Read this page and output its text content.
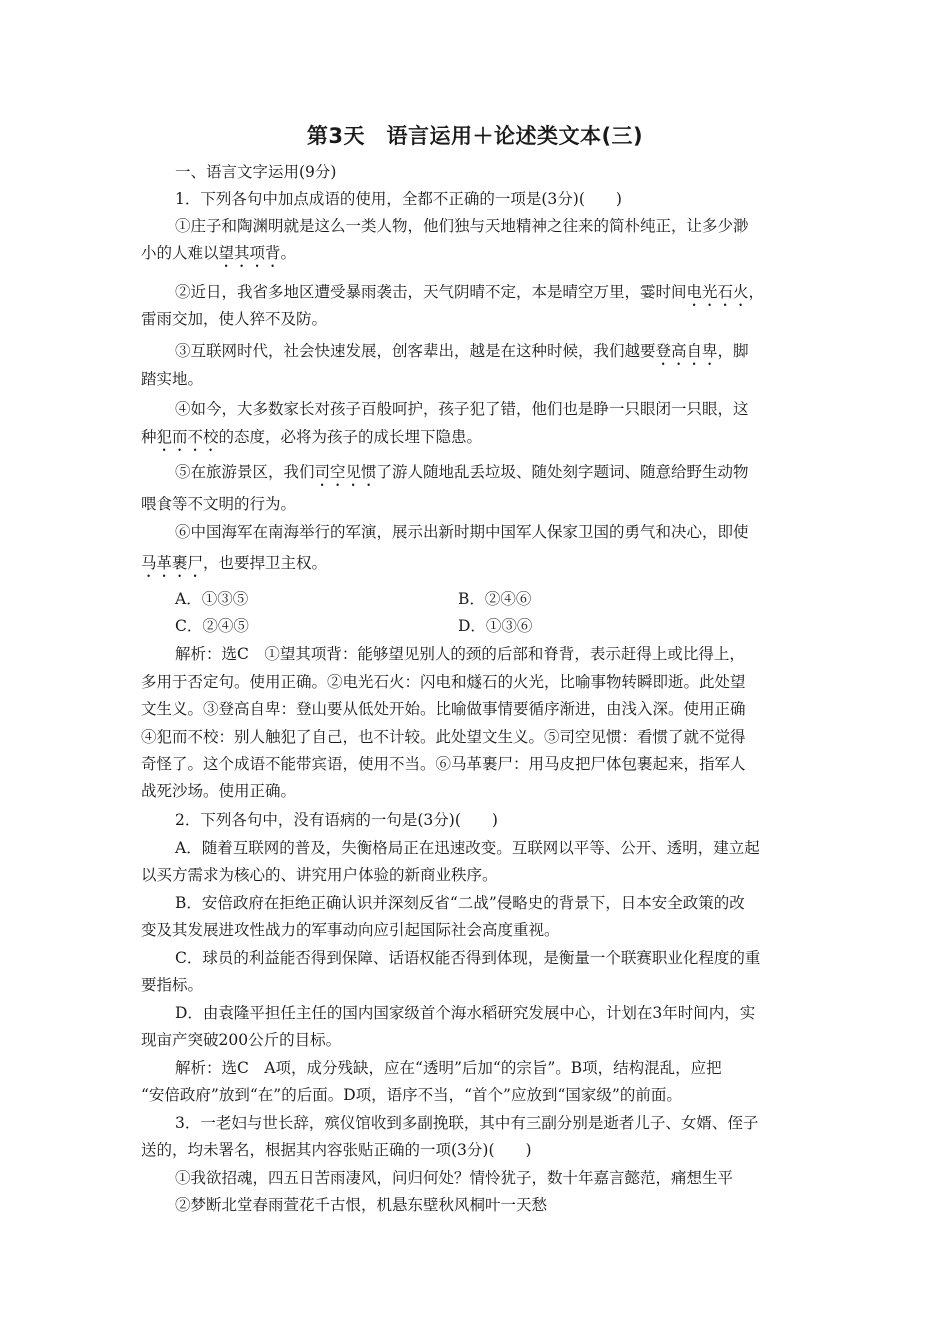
第3天　语言运用＋论述类文本(三)
一、语言文字运用(9分)
1．下列各句中加点成语的使用，全都不正确的一项是(3分)(　　)
①庄子和陶渊明就是这么一类人物，他们独与天地精神之往来的简朴纯正，让多少渺
小的人难以望其项背。
②近日，我省多地区遭受暴雨袭击，天气阴晴不定，本是晴空万里，霎时间电光石火，
雷雨交加，使人猝不及防。
③互联网时代，社会快速发展，创客辈出，越是在这种时候，我们越要登高自卑，脚
踏实地。
④如今，大多数家长对孩子百般呵护，孩子犯了错，他们也是睁一只眼闭一只眼，这
种犯而不校的态度，必将为孩子的成长埋下隐患。
⑤在旅游景区，我们司空见惯了游人随地乱丢垃圾、随处刻字题词、随意给野生动物
喂食等不文明的行为。
⑥中国海军在南海举行的军演，展示出新时期中国军人保家卫国的勇气和决心，即使
马革裹尸，也要捍卫主权。
A．①③⑤	B．②④⑥
C．②④⑤	D．①③⑥
解析：选C　①望其项背：能够望见别人的颈的后部和脊背，表示赶得上或比得上，
多用于否定句。使用正确。②电光石火：闪电和燧石的火光，比喻事物转瞬即逝。此处望
文生义。③登高自卑：登山要从低处开始。比喻做事情要循序渐进，由浅入深。使用正确
④犯而不校：别人触犯了自己，也不计较。此处望文生义。⑤司空见惯：看惯了就不觉得
奇怪了。这个成语不能带宾语，使用不当。⑥马革裹尸：用马皮把尸体包裹起来，指军人
战死沙场。使用正确。
2．下列各句中，没有语病的一句是(3分)(　　)
A．随着互联网的普及，失衡格局正在迅速改变。互联网以平等、公开、透明，建立起
以买方需求为核心的、讲究用户体验的新商业秩序。
B．安倍政府在拒绝正确认识并深刻反省“二战”侵略史的背景下，日本安全政策的改
变及其发展进攻性战力的军事动向应引起国际社会高度重视。
C．球员的利益能否得到保障、话语权能否得到体现，是衡量一个联赛职业化程度的重
要指标。
D．由袁隆平担任主任的国内国家级首个海水稻研究发展中心，计划在3年时间内，实
现亩产突破200公斤的目标。
解析：选C　A项，成分残缺，应在“透明”后加“的宗旨”。B项，结构混乱，应把
“安倍政府”放到“在”的后面。D项，语序不当，“首个”应放到“国家级”的前面。
3．一老妇与世长辞，殡仪馆收到多副挽联，其中有三副分别是逝者儿子、女婿、侄子
送的，均未署名，根据其内容张贴正确的一项(3分)(　　)
①我欲招魂，四五日苦雨凄风，问归何处？情怜犹子，数十年嘉言懿范，痛想生平
②梦断北堂春雨萱花千古恨，机悬东壁秋风桐叶一天愁
